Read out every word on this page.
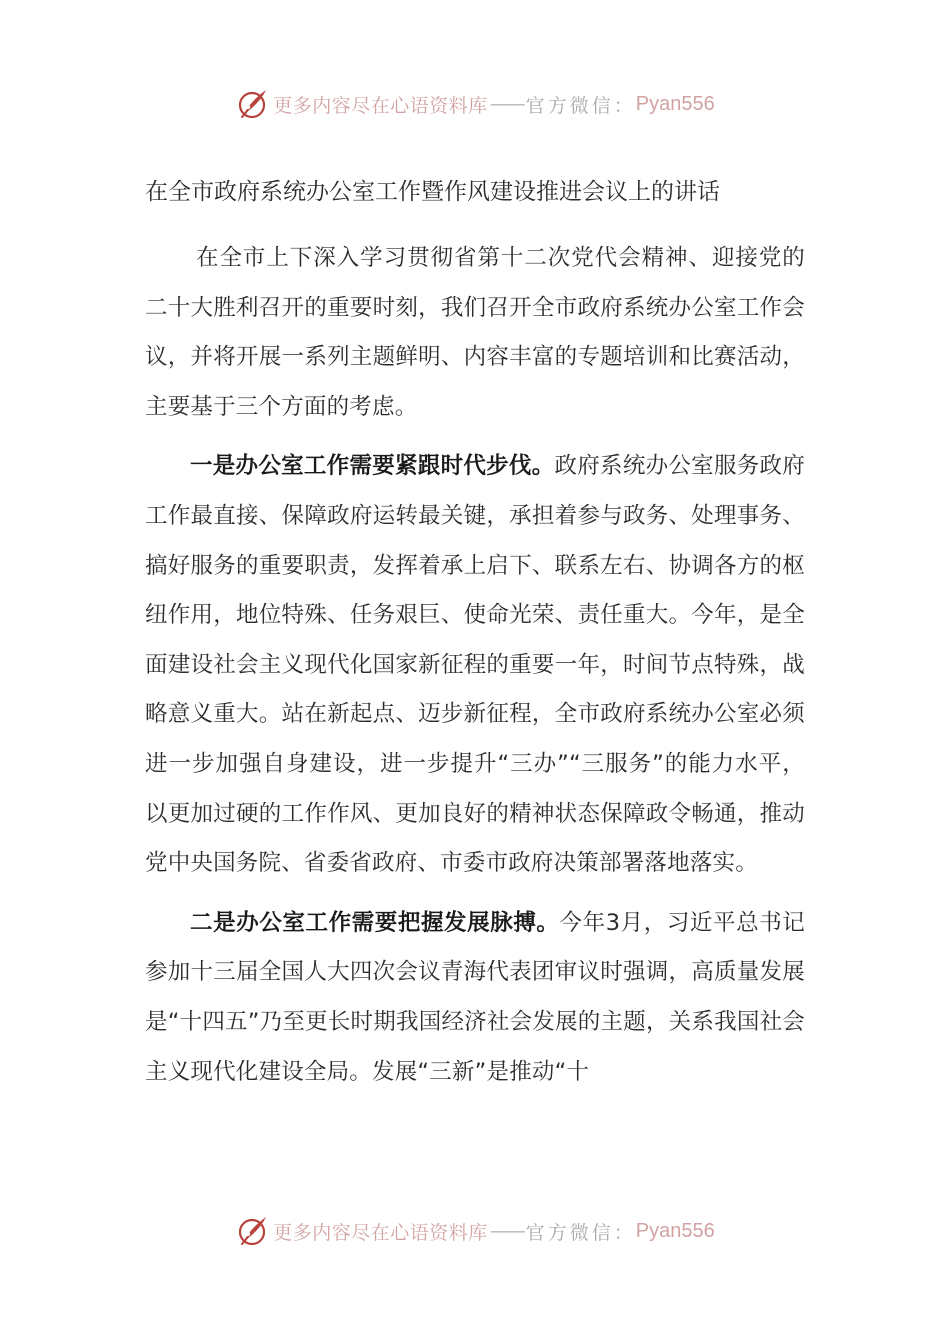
更多内容尽在心语资料库 —— 官方微信： Pyan556
在全市政府系统办公室工作暨作风建设推进会议上的讲话

在全市上下深入学习贯彻省第十二次党代会精神、迎接党的二十大胜利召开的重要时刻，我们召开全市政府系统办公室工作会议，并将开展一系列主题鲜明、内容丰富的专题培训和比赛活动，主要基于三个方面的考虑。

一是办公室工作需要紧跟时代步伐。政府系统办公室服务政府工作最直接、保障政府运转最关键，承担着参与政务、处理事务、搞好服务的重要职责，发挥着承上启下、联系左右、协调各方的枢纽作用，地位特殊、任务艰巨、使命光荣、责任重大。今年，是全面建设社会主义现代化国家新征程的重要一年，时间节点特殊，战略意义重大。站在新起点、迈步新征程，全市政府系统办公室必须进一步加强自身建设，进一步提升“三办”“三服务”的能力水平，以更加过硬的工作作风、更加良好的精神状态保障政令畅通，推动党中央国务院、省委省政府、市委市政府决策部署落地落实。

二是办公室工作需要把握发展脉搏。今年3月，习近平总书记参加十三届全国人大四次会议青海代表团审议时强调，高质量发展是“十四五”乃至更长时期我国经济社会发展的主题，关系我国社会主义现代化建设全局。发展“三新”是推动“十

更多内容尽在心语资料库 —— 官方微信： Pyan556
